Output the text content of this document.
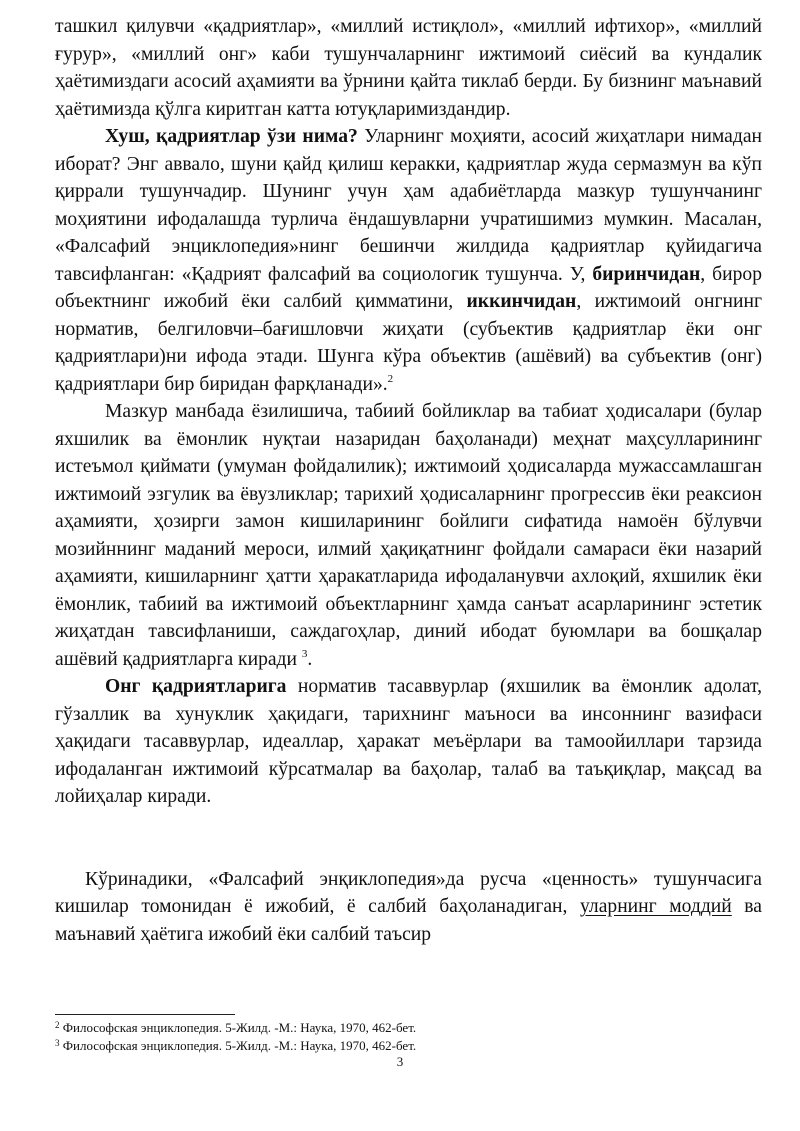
ташкил қилувчи «қадриятлар», «миллий истиқлол», «миллий ифтихор», «миллий ғурур», «миллий онг» каби тушунчаларнинг ижтимоий сиёсий ва кундалик ҳаётимиздаги асосий аҳамияти ва ўрнини қайта тиклаб берди. Бу бизнинг маънавий ҳаётимизда қўлга киритган катта ютуқларимиздандир.

Хуш, қадриятлар ўзи нима? Уларнинг моҳияти, асосий жиҳатлари нимадан иборат? Энг аввало, шуни қайд қилиш керакки, қадриятлар жуда сермазмун ва кўп қиррали тушунчадир. Шунинг учун ҳам адабиётларда мазкур тушунчанинг моҳиятини ифодалашда турлича ёндашувларни учратишимиз мумкин. Масалан, «Фалсафий энциклопедия»нинг бешинчи жилдида қадриятлар қуйидагича тавсифланган: «Қадрият фалсафий ва социологик тушунча. У, биринчидан, бирор объектнинг ижобий ёки салбий қимматини, иккинчидан, ижтимоий онгнинг норматив, белгиловчи–бағишловчи жиҳати (субъектив қадриятлар ёки онг қадриятлари)ни ифода этади. Шунга кўра объектив (ашёвий) ва субъектив (онг) қадриятлари бир биридан фарқланади».$^2$

Мазкур манбада ёзилишича, табиий бойликлар ва табиат ҳодисалари (булар яхшилик ва ёмонлик нуқтаи назаридан баҳоланади) меҳнат маҳсулларининг истеъмол қиймати (умуман фойдалилик); ижтимоий ҳодисаларда мужассамлашган ижтимоий эзгулик ва ёвузликлар; тарихий ҳодисаларнинг прогрессив ёки реаксион аҳамияти, ҳозирги замон кишиларининг бойлиги сифатида намоён бўлувчи мозийннинг маданий мероси, илмий ҳақиқатнинг фойдали самараси ёки назарий аҳамияти, кишиларнинг ҳатти ҳаракатларида ифодаланувчи ахлоқий, яхшилик ёки ёмонлик, табиий ва ижтимоий объектларнинг ҳамда санъат асарларининг эстетик жиҳатдан тавсифланиши, саждагоҳлар, диний ибодат буюмлари ва бошқалар ашёвий қадриятларга киради $^3$.

Онг қадриятларига норматив тасаввурлар (яхшилик ва ёмонлик адолат, гўзаллик ва хунуклик ҳақидаги, тарихнинг маъноси ва инсоннинг вазифаси ҳақидаги тасаввурлар, идеаллар, ҳаракат меъёрлари ва тамоойиллари тарзида ифодаланган ижтимоий кўрсатмалар ва баҳолар, талаб ва таъқиқлар, мақсад ва лойиҳалар киради.

Кўринадики, «Фалсафий энқиклопедия»да русча «ценность» тушунчасига кишилар томонидан ё ижобий, ё салбий баҳоланадиган, уларнинг моддий ва маънавий ҳаётига ижобий ёки салбий таъсир

$^2$ Философская энциклопедия. 5-Жилд. -М.: Наука, 1970, 462-бет.
$^3$ Философская энциклопедия. 5-Жилд. -М.: Наука, 1970, 462-бет.
3
